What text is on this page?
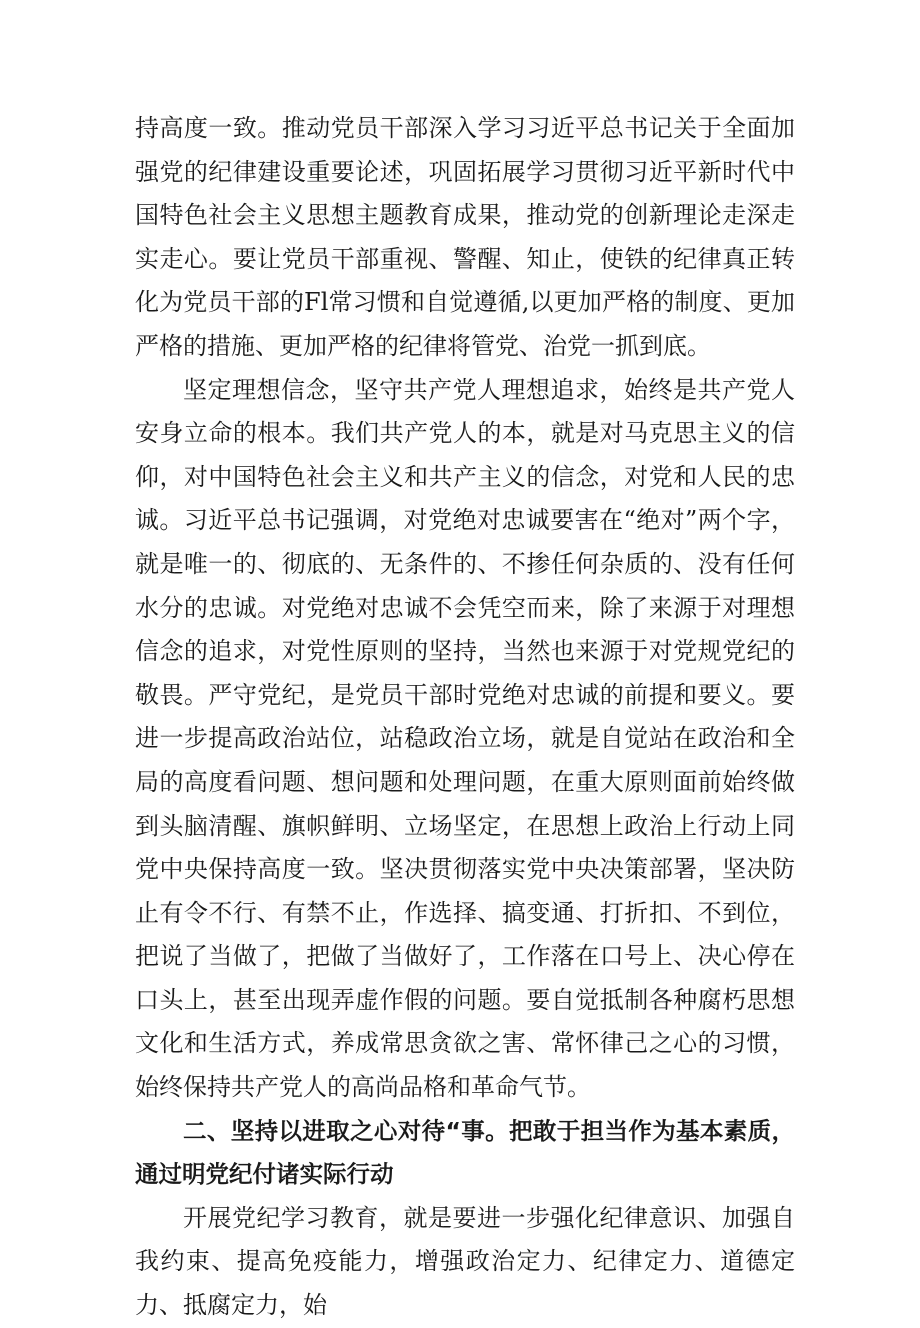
持高度一致。推动党员干部深入学习习近平总书记关于全面加强党的纪律建设重要论述，巩固拓展学习贯彻习近平新时代中国特色社会主义思想主题教育成果，推动党的创新理论走深走实走心。要让党员干部重视、警醒、知止，使铁的纪律真正转化为党员干部的Fl常习惯和自觉遵循,以更加严格的制度、更加严格的措施、更加严格的纪律将管党、治党一抓到底。

坚定理想信念，坚守共产党人理想追求，始终是共产党人安身立命的根本。我们共产党人的本，就是对马克思主义的信仰，对中国特色社会主义和共产主义的信念，对党和人民的忠诚。习近平总书记强调，对党绝对忠诚要害在“绝对”两个字，就是唯一的、彻底的、无条件的、不掺任何杂质的、没有任何水分的忠诚。对党绝对忠诚不会凭空而来，除了来源于对理想信念的追求，对党性原则的坚持，当然也来源于对党规党纪的敬畏。严守党纪，是党员干部时党绝对忠诚的前提和要义。要进一步提高政治站位，站稳政治立场，就是自觉站在政治和全局的高度看问题、想问题和处理问题，在重大原则面前始终做到头脑清醒、旗帜鲜明、立场坚定，在思想上政治上行动上同党中央保持高度一致。坚决贯彻落实党中央决策部署，坚决防止有令不行、有禁不止，作选择、搞变通、打折扣、不到位，把说了当做了，把做了当做好了，工作落在口号上、决心停在口头上，甚至出现弄虚作假的问题。要自觉抵制各种腐朽思想文化和生活方式，养成常思贪欲之害、常怀律己之心的习惯，始终保持共产党人的高尚品格和革命气节。

二、坚持以进取之心对待“事。把敢于担当作为基本素质，通过明党纪付诸实际行动

开展党纪学习教育，就是要进一步强化纪律意识、加强自我约束、提高免疫能力，增强政治定力、纪律定力、道德定力、抵腐定力，始
